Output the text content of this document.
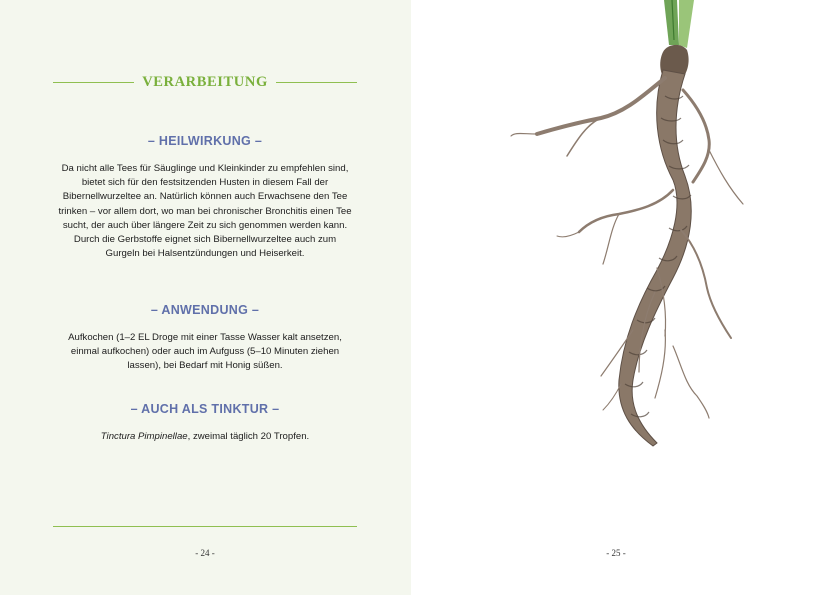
VERARBEITUNG

– HEILWIRKUNG –

Da nicht alle Tees für Säuglinge und Kleinkinder zu empfehlen sind, bietet sich für den festsitzenden Husten in diesem Fall der Bibernellwurzeltee an. Natürlich können auch Erwachsene den Tee trinken – vor allem dort, wo man bei chronischer Bronchitis einen Tee sucht, der auch über längere Zeit zu sich genommen werden kann. Durch die Gerbstoffe eignet sich Bibernellwurzeltee auch zum Gurgeln bei Halsentzündungen und Heiserkeit.

– ANWENDUNG –

Aufkochen (1–2 EL Droge mit einer Tasse Wasser kalt ansetzen, einmal aufkochen) oder auch im Aufguss (5–10 Minuten ziehen lassen), bei Bedarf mit Honig süßen.

– AUCH ALS TINKTUR –

Tinctura Pimpinellae, zweimal täglich 20 Tropfen.

- 24 -	- 25 -
